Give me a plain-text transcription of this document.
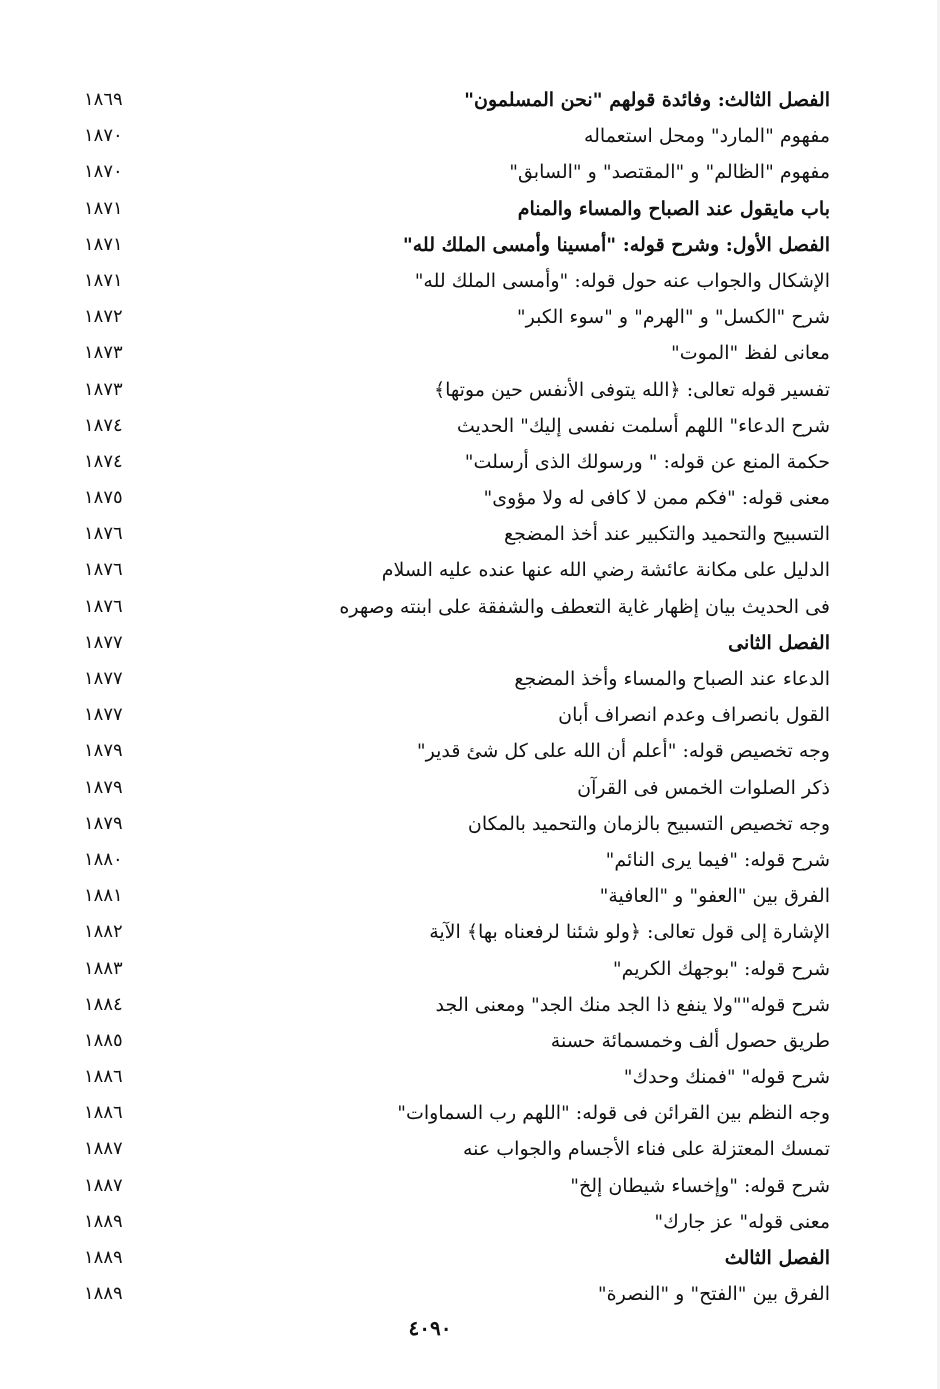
الفصل الثالث: وفائدة قولهم "نحن المسلمون"
١٨٦٩
مفهوم "المارد" ومحل استعماله
١٨٧٠
مفهوم "الظالم" و "المقتصد" و "السابق"
١٨٧٠
باب مايقول عند الصباح والمساء والمنام
١٨٧١
الفصل الأول: وشرح قوله: "أمسينا وأمسى الملك لله"
١٨٧١
الإشكال والجواب عنه حول قوله: "وأمسى الملك لله"
١٨٧١
شرح "الكسل" و "الهرم" و "سوء الكبر"
١٨٧٢
معانى لفظ "الموت"
١٨٧٣
تفسير قوله تعالى: ﴿الله يتوفى الأنفس حين موتها﴾
١٨٧٣
شرح الدعاء" اللهم أسلمت نفسى إليك" الحديث
١٨٧٤
حكمة المنع عن قوله: " ورسولك الذى أرسلت"
١٨٧٤
معنى قوله: "فكم ممن لا كافى له ولا مؤوى"
١٨٧٥
التسبيح والتحميد والتكبير عند أخذ المضجع
١٨٧٦
الدليل على مكانة عائشة رضي الله عنها عنده عليه السلام
١٨٧٦
فى الحديث بيان إظهار غاية التعطف والشفقة على ابنته وصهره
١٨٧٦
الفصل الثانى
١٨٧٧
الدعاء عند الصباح والمساء وأخذ المضجع
١٨٧٧
القول بانصراف وعدم انصراف أبان
١٨٧٧
وجه تخصيص قوله: "أعلم أن الله على كل شئ قدير"
١٨٧٩
ذكر الصلوات الخمس فى القرآن
١٨٧٩
وجه تخصيص التسبيح بالزمان والتحميد بالمكان
١٨٧٩
شرح قوله: "فيما يرى النائم"
١٨٨٠
الفرق بين "العفو" و "العافية"
١٨٨١
الإشارة إلى قول تعالى: ﴿ولو شئنا لرفعناه بها﴾ الآية
١٨٨٢
شرح قوله: "بوجهك الكريم"
١٨٨٣
شرح قوله""ولا ينفع ذا الجد منك الجد" ومعنى الجد
١٨٨٤
طريق حصول ألف وخمسمائة حسنة
١٨٨٥
شرح قوله" "فمنك وحدك"
١٨٨٦
وجه النظم بين القرائن فى قوله: "اللهم رب السماوات"
١٨٨٦
تمسك المعتزلة على فناء الأجسام والجواب عنه
١٨٨٧
شرح قوله: "وإخساء شيطان إلخ"
١٨٨٧
معنى قوله" عز جارك"
١٨٨٩
الفصل الثالث
١٨٨٩
الفرق بين "الفتح" و "النصرة"
١٨٨٩
٤٠٩٠
